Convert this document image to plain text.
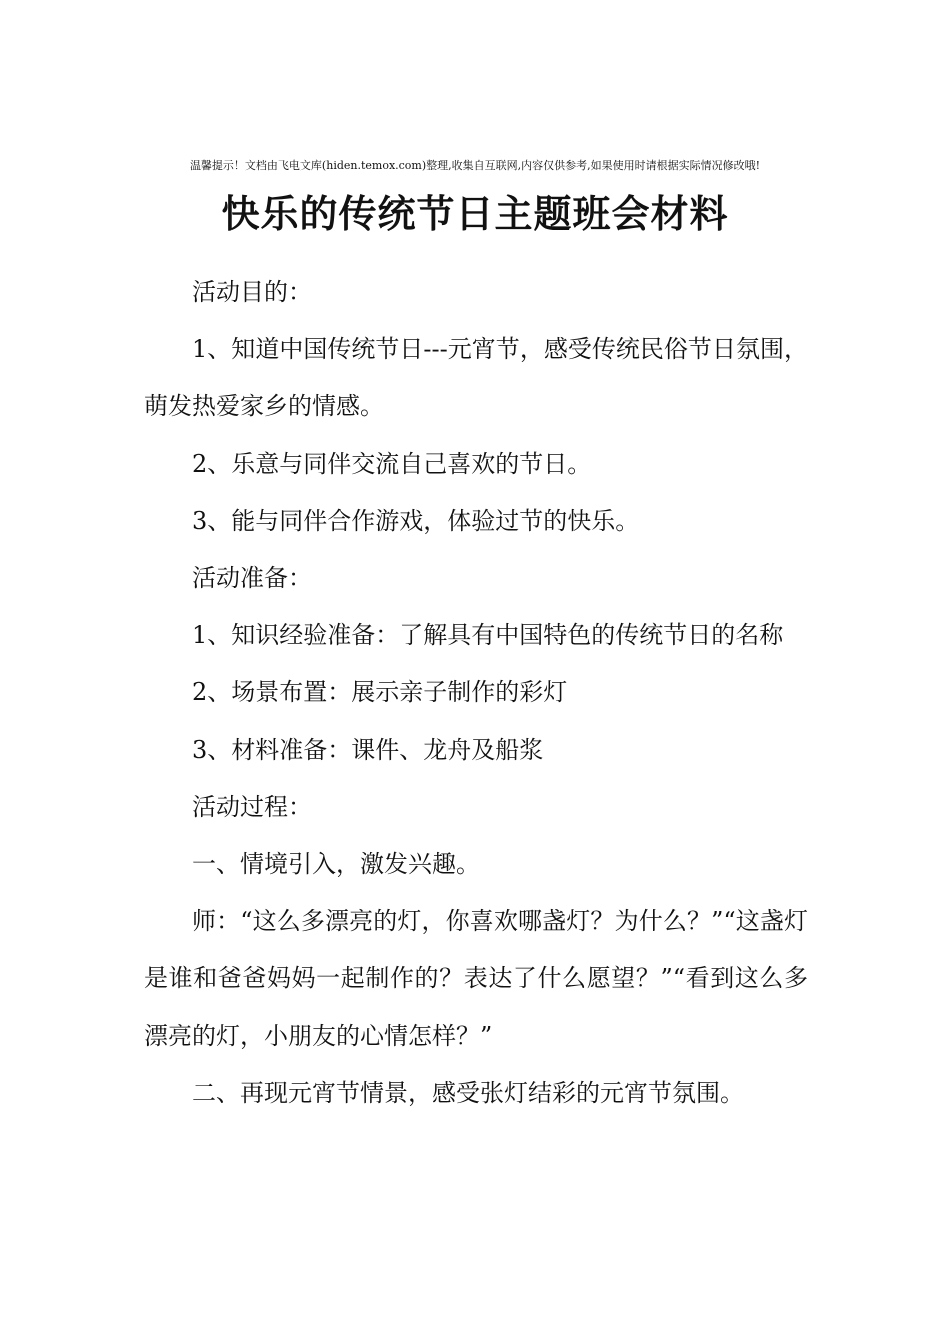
温馨提示！文档由飞电文库(hiden.temox.com)整理,收集自互联网,内容仅供参考,如果使用时请根据实际情况修改哦!
快乐的传统节日主题班会材料

活动目的：

1、知道中国传统节日---元宵节，感受传统民俗节日氛围，萌发热爱家乡的情感。

2、乐意与同伴交流自己喜欢的节日。

3、能与同伴合作游戏，体验过节的快乐。

活动准备：

1、知识经验准备：了解具有中国特色的传统节日的名称

2、场景布置：展示亲子制作的彩灯

3、材料准备：课件、龙舟及船浆

活动过程：

一、情境引入，激发兴趣。

师：“这么多漂亮的灯，你喜欢哪盏灯？为什么？”“这盏灯是谁和爸爸妈妈一起制作的？表达了什么愿望？”“看到这么多漂亮的灯，小朋友的心情怎样？”

二、再现元宵节情景，感受张灯结彩的元宵节氛围。
